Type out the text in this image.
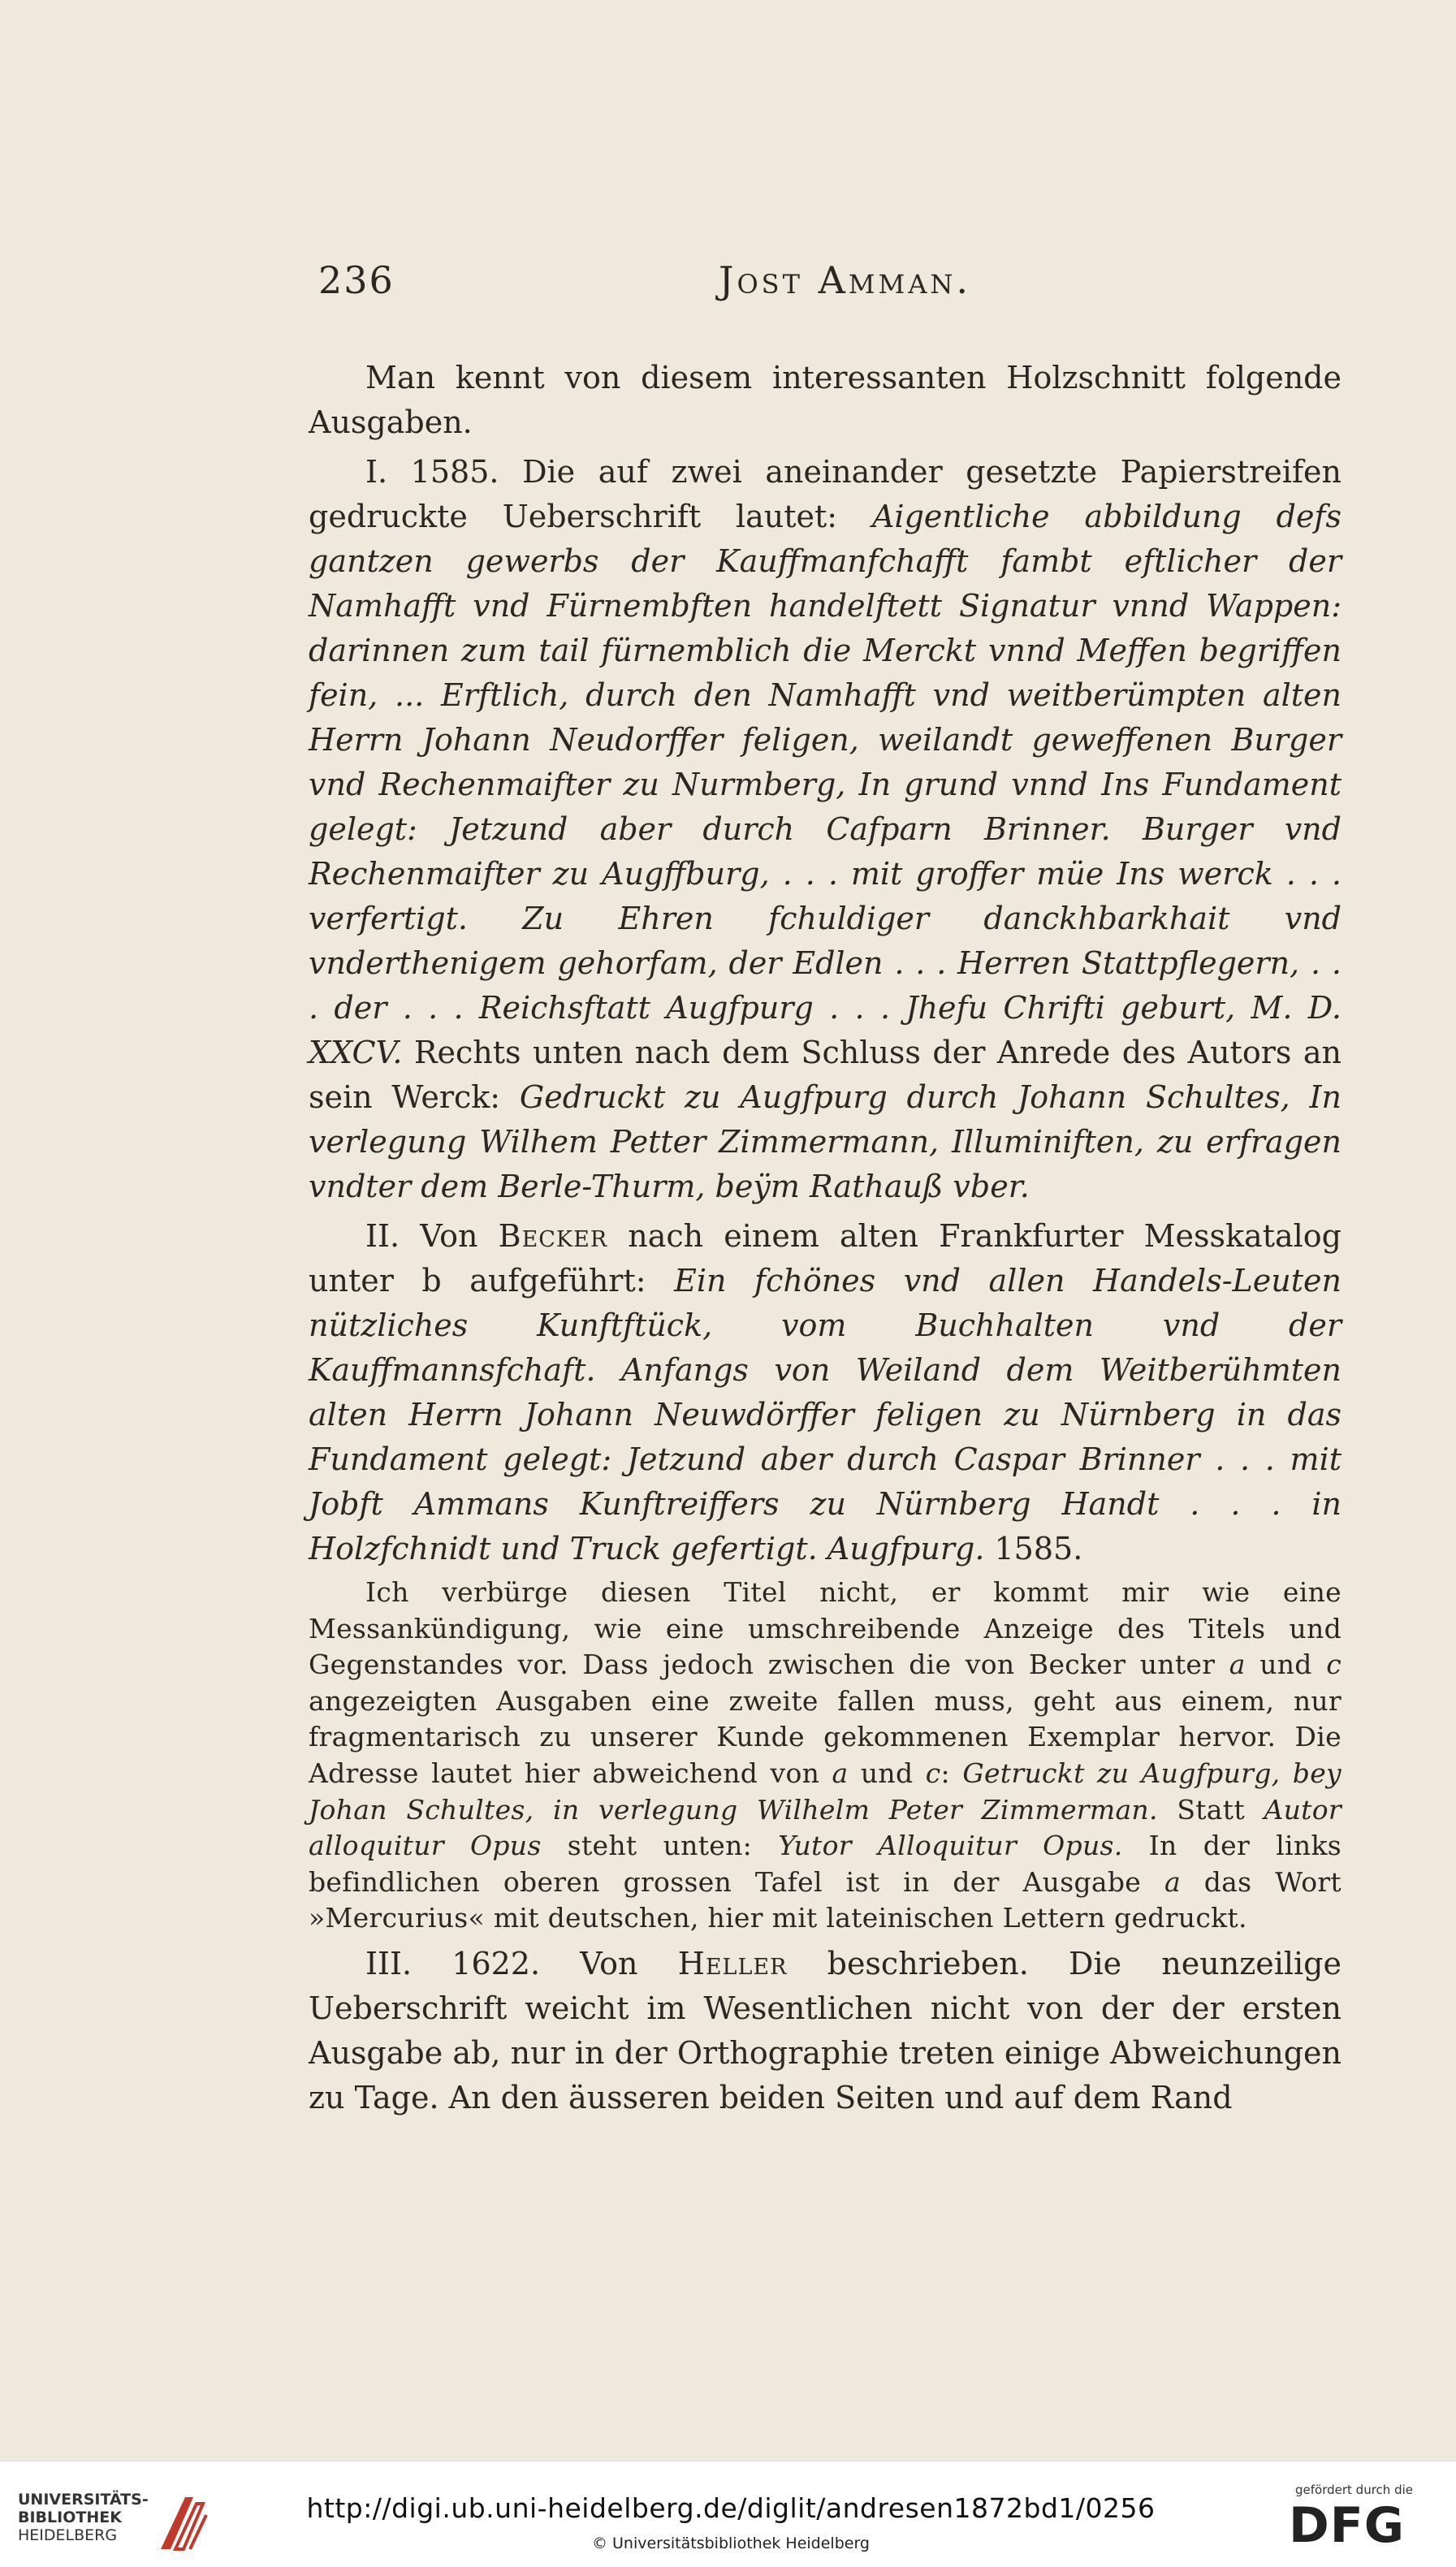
236	Jost Amman.

Man kennt von diesem interessanten Holzschnitt folgende Ausgaben.

I. 1585. Die auf zwei aneinander gesetzte Papierstreifen gedruckte Ueberschrift lautet: Aigentliche abbildung defs gantzen gewerbs der Kauffmanfchafft fambt eftlicher der Namhafft vnd Fürnembften handelftett Signatur vnnd Wappen: darinnen zum tail fürnemblich die Merckt vnnd Meffen begriffen fein, ... Erftlich, durch den Namhafft vnd weitberümpten alten Herrn Johann Neudorffer feligen, weilandt geweffenen Burger vnd Rechenmaifter zu Nurmberg, In grund vnnd Ins Fundament gelegt: Jetzund aber durch Cafparn Brinner. Burger vnd Rechenmaifter zu Augffburg, . . . mit groffer müe Ins werck . . . verfertigt. Zu Ehren fchuldiger danckhbarkhait vnd vnderthenigem gehorfam, der Edlen . . . Herren Stattpflegern, . . . der . . . Reichsftatt Augfpurg . . . Jhefu Chrifti geburt, M. D. XXCV. Rechts unten nach dem Schluss der Anrede des Autors an sein Werck: Gedruckt zu Augfpurg durch Johann Schultes, In verlegung Wilhem Petter Zimmermann, Illuminiften, zu erfragen vndter dem Berle-Thurm, beÿm Rathauß vber.

II. Von Becker nach einem alten Frankfurter Messkatalog unter b aufgeführt: Ein fchönes vnd allen Handels-Leuten nützliches Kunftftück, vom Buchhalten vnd der Kauffmannsfchaft. Anfangs von Weiland dem Weitberühmten alten Herrn Johann Neuwdörffer feligen zu Nürnberg in das Fundament gelegt: Jetzund aber durch Caspar Brinner . . . mit Jobft Ammans Kunftreiffers zu Nürnberg Handt . . . in Holzfchnidt und Truck gefertigt. Augfpurg. 1585.

Ich verbürge diesen Titel nicht, er kommt mir wie eine Messankündigung, wie eine umschreibende Anzeige des Titels und Gegenstandes vor. Dass jedoch zwischen die von Becker unter a und c angezeigten Ausgaben eine zweite fallen muss, geht aus einem, nur fragmentarisch zu unserer Kunde gekommenen Exemplar hervor. Die Adresse lautet hier abweichend von a und c: Getruckt zu Augfpurg, bey Johan Schultes, in verlegung Wilhelm Peter Zimmerman. Statt Autor alloquitur Opus steht unten: Yutor Alloquitur Opus. In der links befindlichen oberen grossen Tafel ist in der Ausgabe a das Wort »Mercurius« mit deutschen, hier mit lateinischen Lettern gedruckt.

III. 1622. Von Heller beschrieben. Die neunzeilige Ueberschrift weicht im Wesentlichen nicht von der der ersten Ausgabe ab, nur in der Orthographie treten einige Abweichungen zu Tage. An den äusseren beiden Seiten und auf dem Rand

UNIVERSITÄTS-
BIBLIOTHEK
HEIDELBERG
http://digi.ub.uni-heidelberg.de/diglit/andresen1872bd1/0256
© Universitätsbibliothek Heidelberg
gefördert durch die
DFG
